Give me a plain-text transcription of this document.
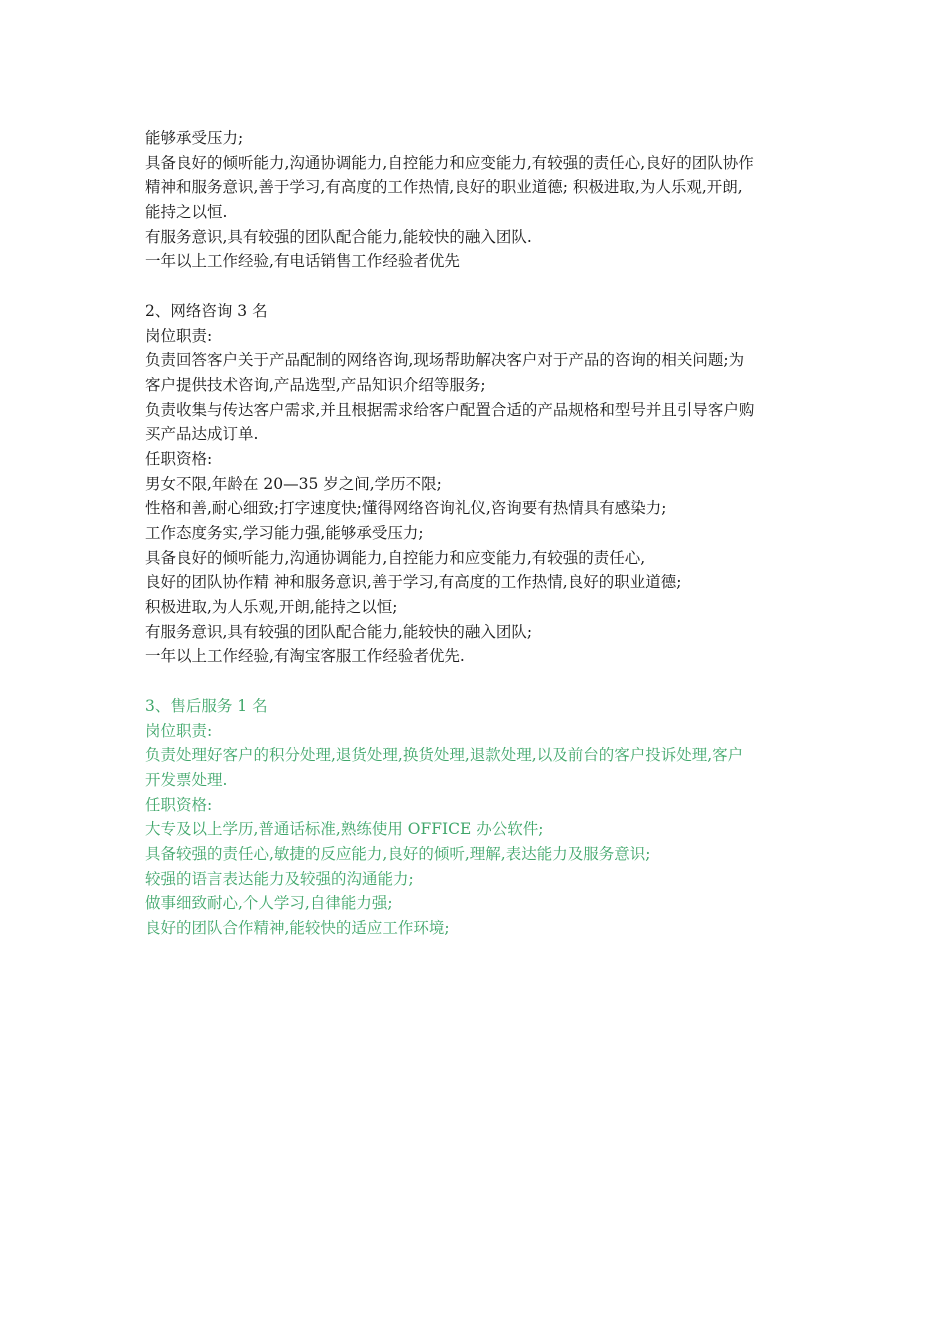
能够承受压力;
具备良好的倾听能力,沟通协调能力,自控能力和应变能力,有较强的责任心,良好的团队协作
精神和服务意识,善于学习,有高度的工作热情,良好的职业道德; 积极进取,为人乐观,开朗,
能持之以恒.
有服务意识,具有较强的团队配合能力,能较快的融入团队.
一年以上工作经验,有电话销售工作经验者优先
2、网络咨询 3 名
岗位职责:
负责回答客户关于产品配制的网络咨询,现场帮助解决客户对于产品的咨询的相关问题;为
客户提供技术咨询,产品选型,产品知识介绍等服务;
负责收集与传达客户需求,并且根据需求给客户配置合适的产品规格和型号并且引导客户购
买产品达成订单.
任职资格:
男女不限,年龄在 20—35 岁之间,学历不限;
性格和善,耐心细致;打字速度快;懂得网络咨询礼仪,咨询要有热情具有感染力;
工作态度务实,学习能力强,能够承受压力;
具备良好的倾听能力,沟通协调能力,自控能力和应变能力,有较强的责任心,
良好的团队协作精 神和服务意识,善于学习,有高度的工作热情,良好的职业道德;
积极进取,为人乐观,开朗,能持之以恒;
有服务意识,具有较强的团队配合能力,能较快的融入团队;
一年以上工作经验,有淘宝客服工作经验者优先.
3、售后服务 1 名
岗位职责:
负责处理好客户的积分处理,退货处理,换货处理,退款处理,以及前台的客户投诉处理,客户
开发票处理.
任职资格:
大专及以上学历,普通话标准,熟练使用 OFFICE 办公软件;
具备较强的责任心,敏捷的反应能力,良好的倾听,理解,表达能力及服务意识;
较强的语言表达能力及较强的沟通能力;
做事细致耐心,个人学习,自律能力强;
良好的团队合作精神,能较快的适应工作环境;
